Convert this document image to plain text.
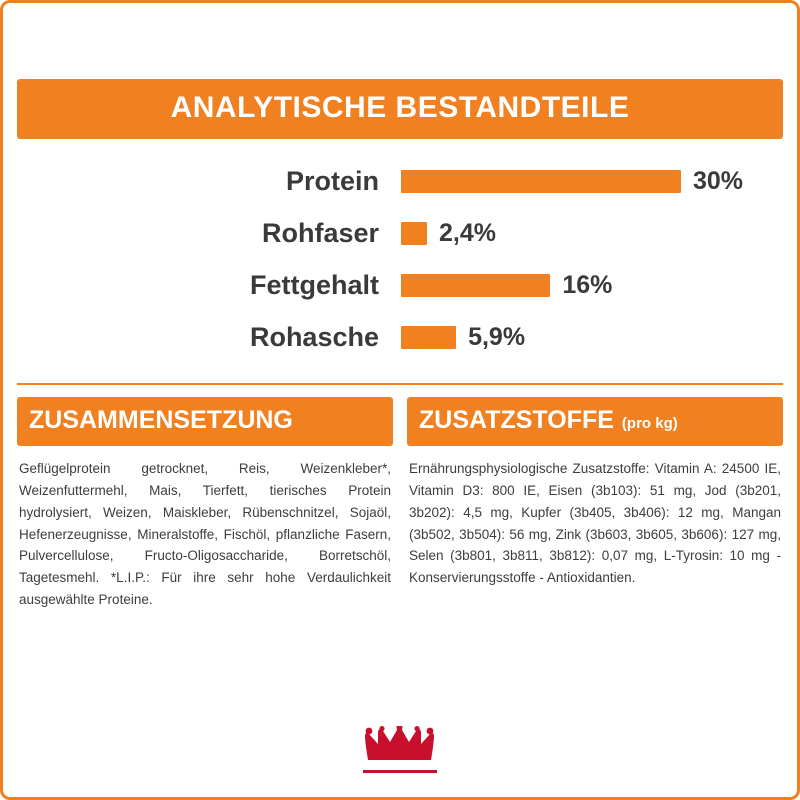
ANALYTISCHE BESTANDTEILE
Protein	30%
Rohfaser	2,4%
Fettgehalt	16%
Rohasche	5,9%
ZUSAMMENSETZUNG
Geflügelprotein getrocknet, Reis, Weizenkleber*, Weizenfuttermehl, Mais, Tierfett, tierisches Protein hydrolysiert, Weizen, Maiskleber, Rübenschnitzel, Sojaöl, Hefenerzeugnisse, Mineralstoffe, Fischöl, pflanzliche Fasern, Pulvercellulose, Fructo-Oligosaccharide, Borretschöl, Tagetesmehl. *L.I.P.: Für ihre sehr hohe Verdaulichkeit ausgewählte Proteine.
ZUSATZSTOFFE (pro kg)
Ernährungsphysiologische Zusatzstoffe: Vitamin A: 24500 IE, Vitamin D3: 800 IE, Eisen (3b103): 51 mg, Jod (3b201, 3b202): 4,5 mg, Kupfer (3b405, 3b406): 12 mg, Mangan (3b502, 3b504): 56 mg, Zink (3b603, 3b605, 3b606): 127 mg, Selen (3b801, 3b811, 3b812): 0,07 mg, L-Tyrosin: 10 mg - Konservierungsstoffe - Antioxidantien.
